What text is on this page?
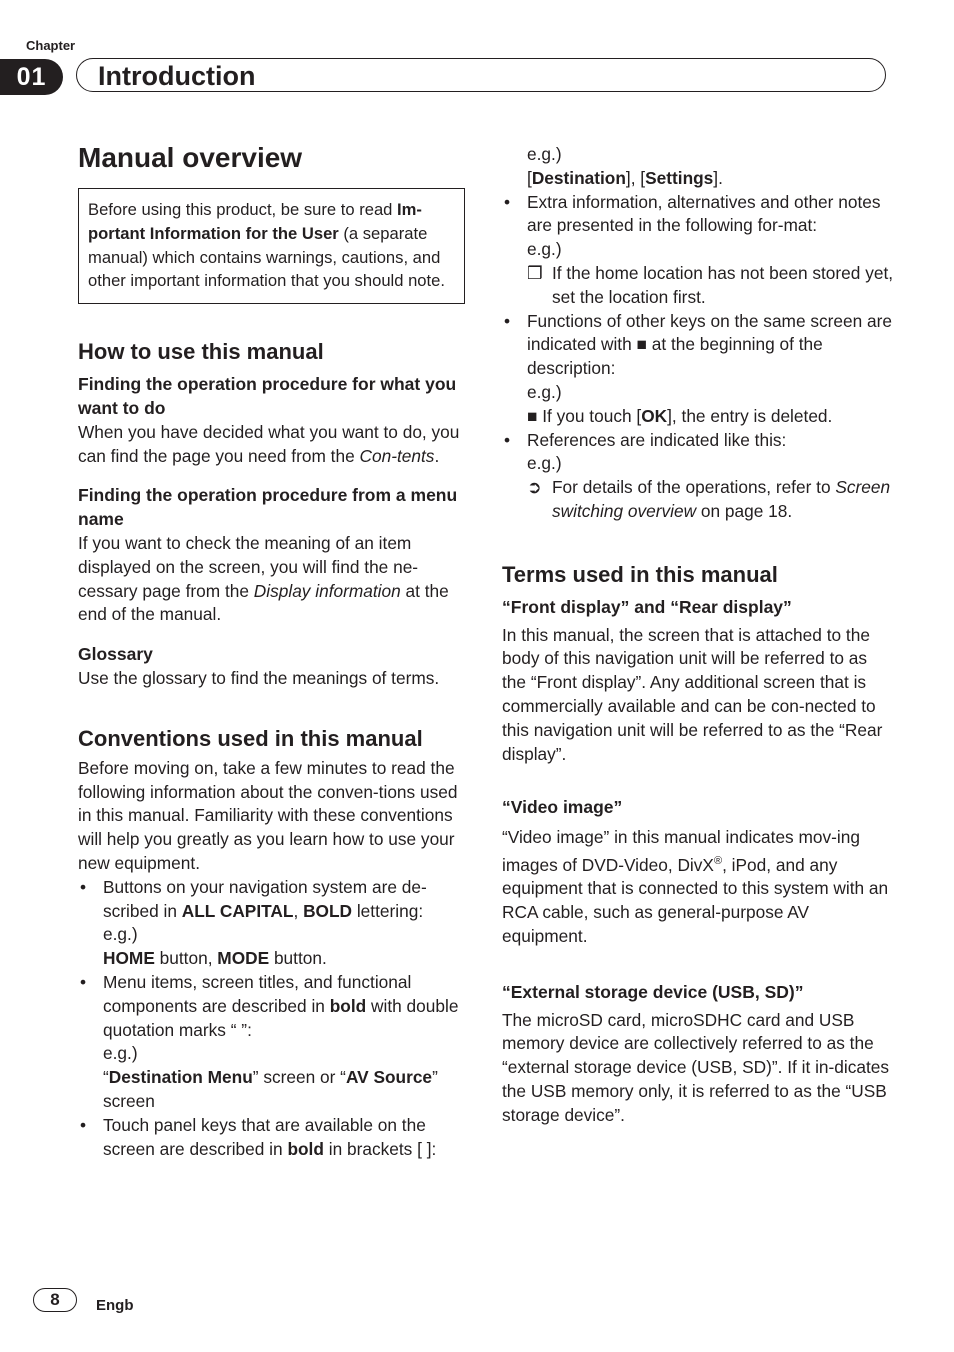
Chapter
01	Introduction
Manual overview
Before using this product, be sure to read Im-portant Information for the User (a separate manual) which contains warnings, cautions, and other important information that you should note.
How to use this manual
Finding the operation procedure for what you want to do

When you have decided what you want to do, you can find the page you need from the Con-tents.

Finding the operation procedure from a menu name

If you want to check the meaning of an item displayed on the screen, you will find the ne-cessary page from the Display information at the end of the manual.

Glossary

Use the glossary to find the meanings of terms.

Conventions used in this manual

Before moving on, take a few minutes to read the following information about the conven-tions used in this manual. Familiarity with these conventions will help you greatly as you learn how to use your new equipment.

• Buttons on your navigation system are de-scribed in ALL CAPITAL, BOLD lettering:
e.g.)
HOME button, MODE button.
• Menu items, screen titles, and functional components are described in bold with double quotation marks “ ”:
e.g.)
“Destination Menu” screen or “AV Source” screen
• Touch panel keys that are available on the screen are described in bold in brackets [ ]:
e.g.)
[Destination], [Settings].
• Extra information, alternatives and other notes are presented in the following for-mat:
e.g.)
❒ If the home location has not been stored yet, set the location first.
• Functions of other keys on the same screen are indicated with ■ at the beginning of the description:
e.g.)
■ If you touch [OK], the entry is deleted.
• References are indicated like this:
e.g.)
➲ For details of the operations, refer to Screen switching overview on page 18.
Terms used in this manual
“Front display” and “Rear display”

In this manual, the screen that is attached to the body of this navigation unit will be referred to as the “Front display”. Any additional screen that is commercially available and can be con-nected to this navigation unit will be referred to as the “Rear display”.

“Video image”

“Video image” in this manual indicates mov-ing images of DVD-Video, DivX®, iPod, and any equipment that is connected to this system with an RCA cable, such as general-purpose AV equipment.

“External storage device (USB, SD)”

The microSD card, microSDHC card and USB memory device are collectively referred to as the “external storage device (USB, SD)”. If it in-dicates the USB memory only, it is referred to as the “USB storage device”.

8	Engb
